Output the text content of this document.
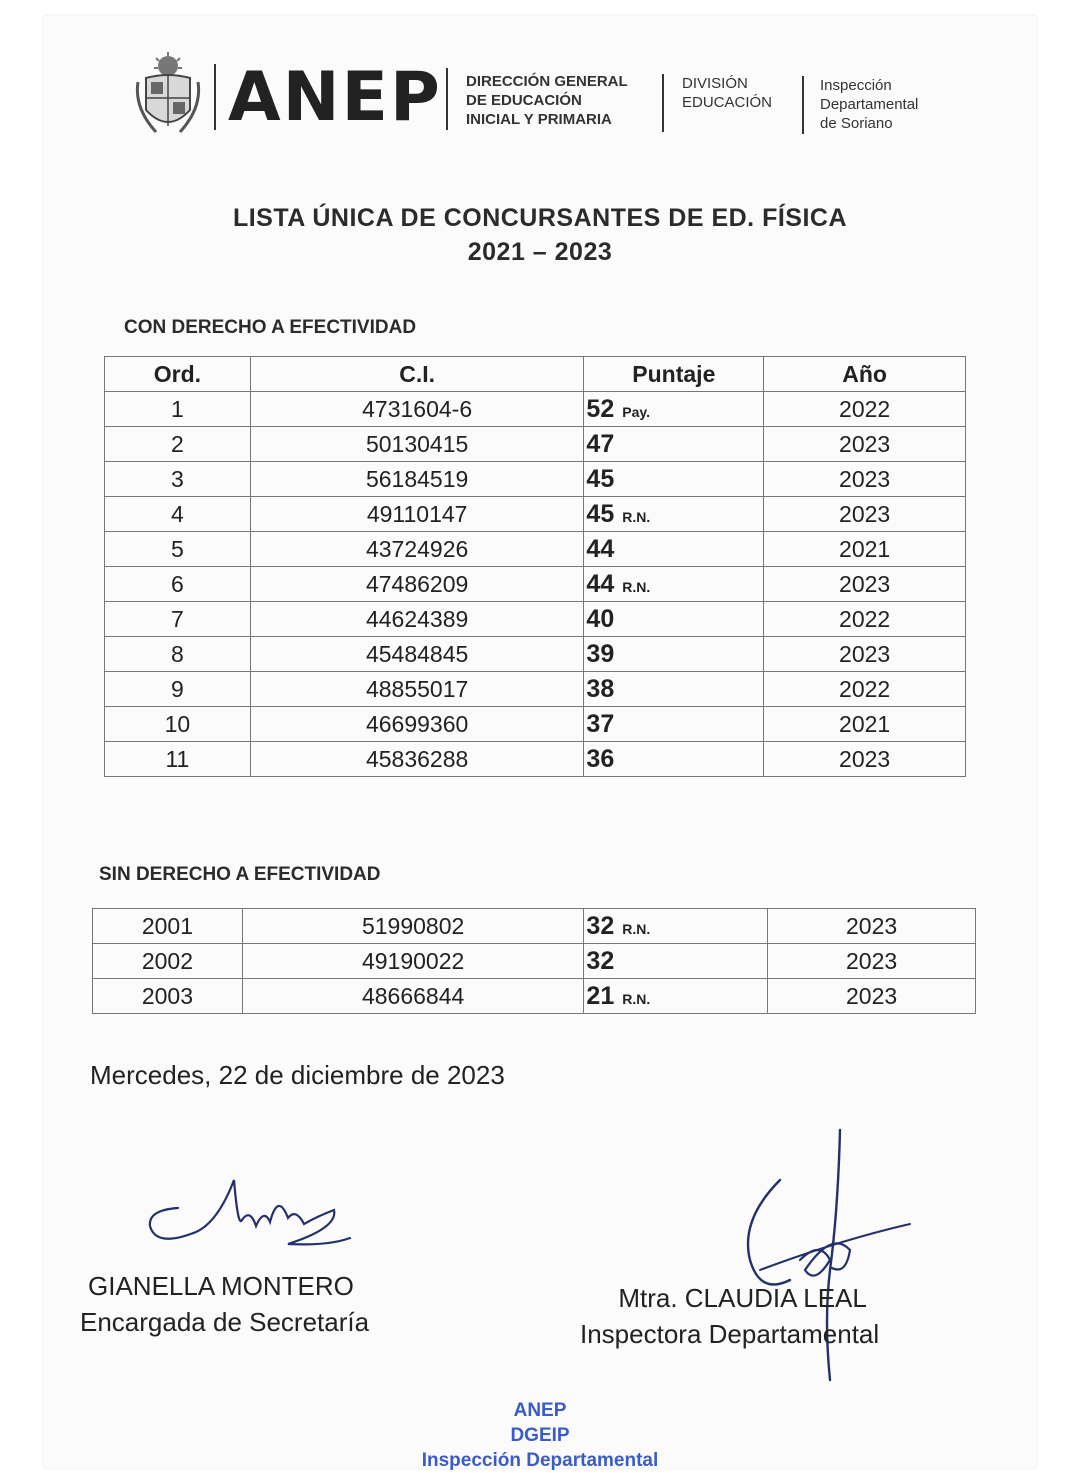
ANEP DIRECCIÓN GENERAL
DE EDUCACIÓN
INICIAL Y PRIMARIA
DIVISIÓN
EDUCACIÓN
Inspección
Departamental
de Soriano
LISTA ÚNICA DE CONCURSANTES DE ED. FÍSICA
2021 – 2023
CON DERECHO A EFECTIVIDAD
Ord.	C.I.	Puntaje	Año
1	4731604-6	52 Pay.	2022
2	50130415	47	2023
3	56184519	45	2023
4	49110147	45 R.N.	2023
5	43724926	44	2021
6	47486209	44 R.N.	2023
7	44624389	40	2022
8	45484845	39	2023
9	48855017	38	2022
10	46699360	37	2021
11	45836288	36	2023
SIN DERECHO A EFECTIVIDAD
2001	51990802	32 R.N.	2023
2002	49190022	32	2023
2003	48666844	21 R.N.	2023
Mercedes, 22 de diciembre de 2023
GIANELLA MONTERO
Encargada de Secretaría
Mtra. CLAUDIA LEAL
Inspectora Departamental
ANEP
DGEIP
Inspección Departamental
